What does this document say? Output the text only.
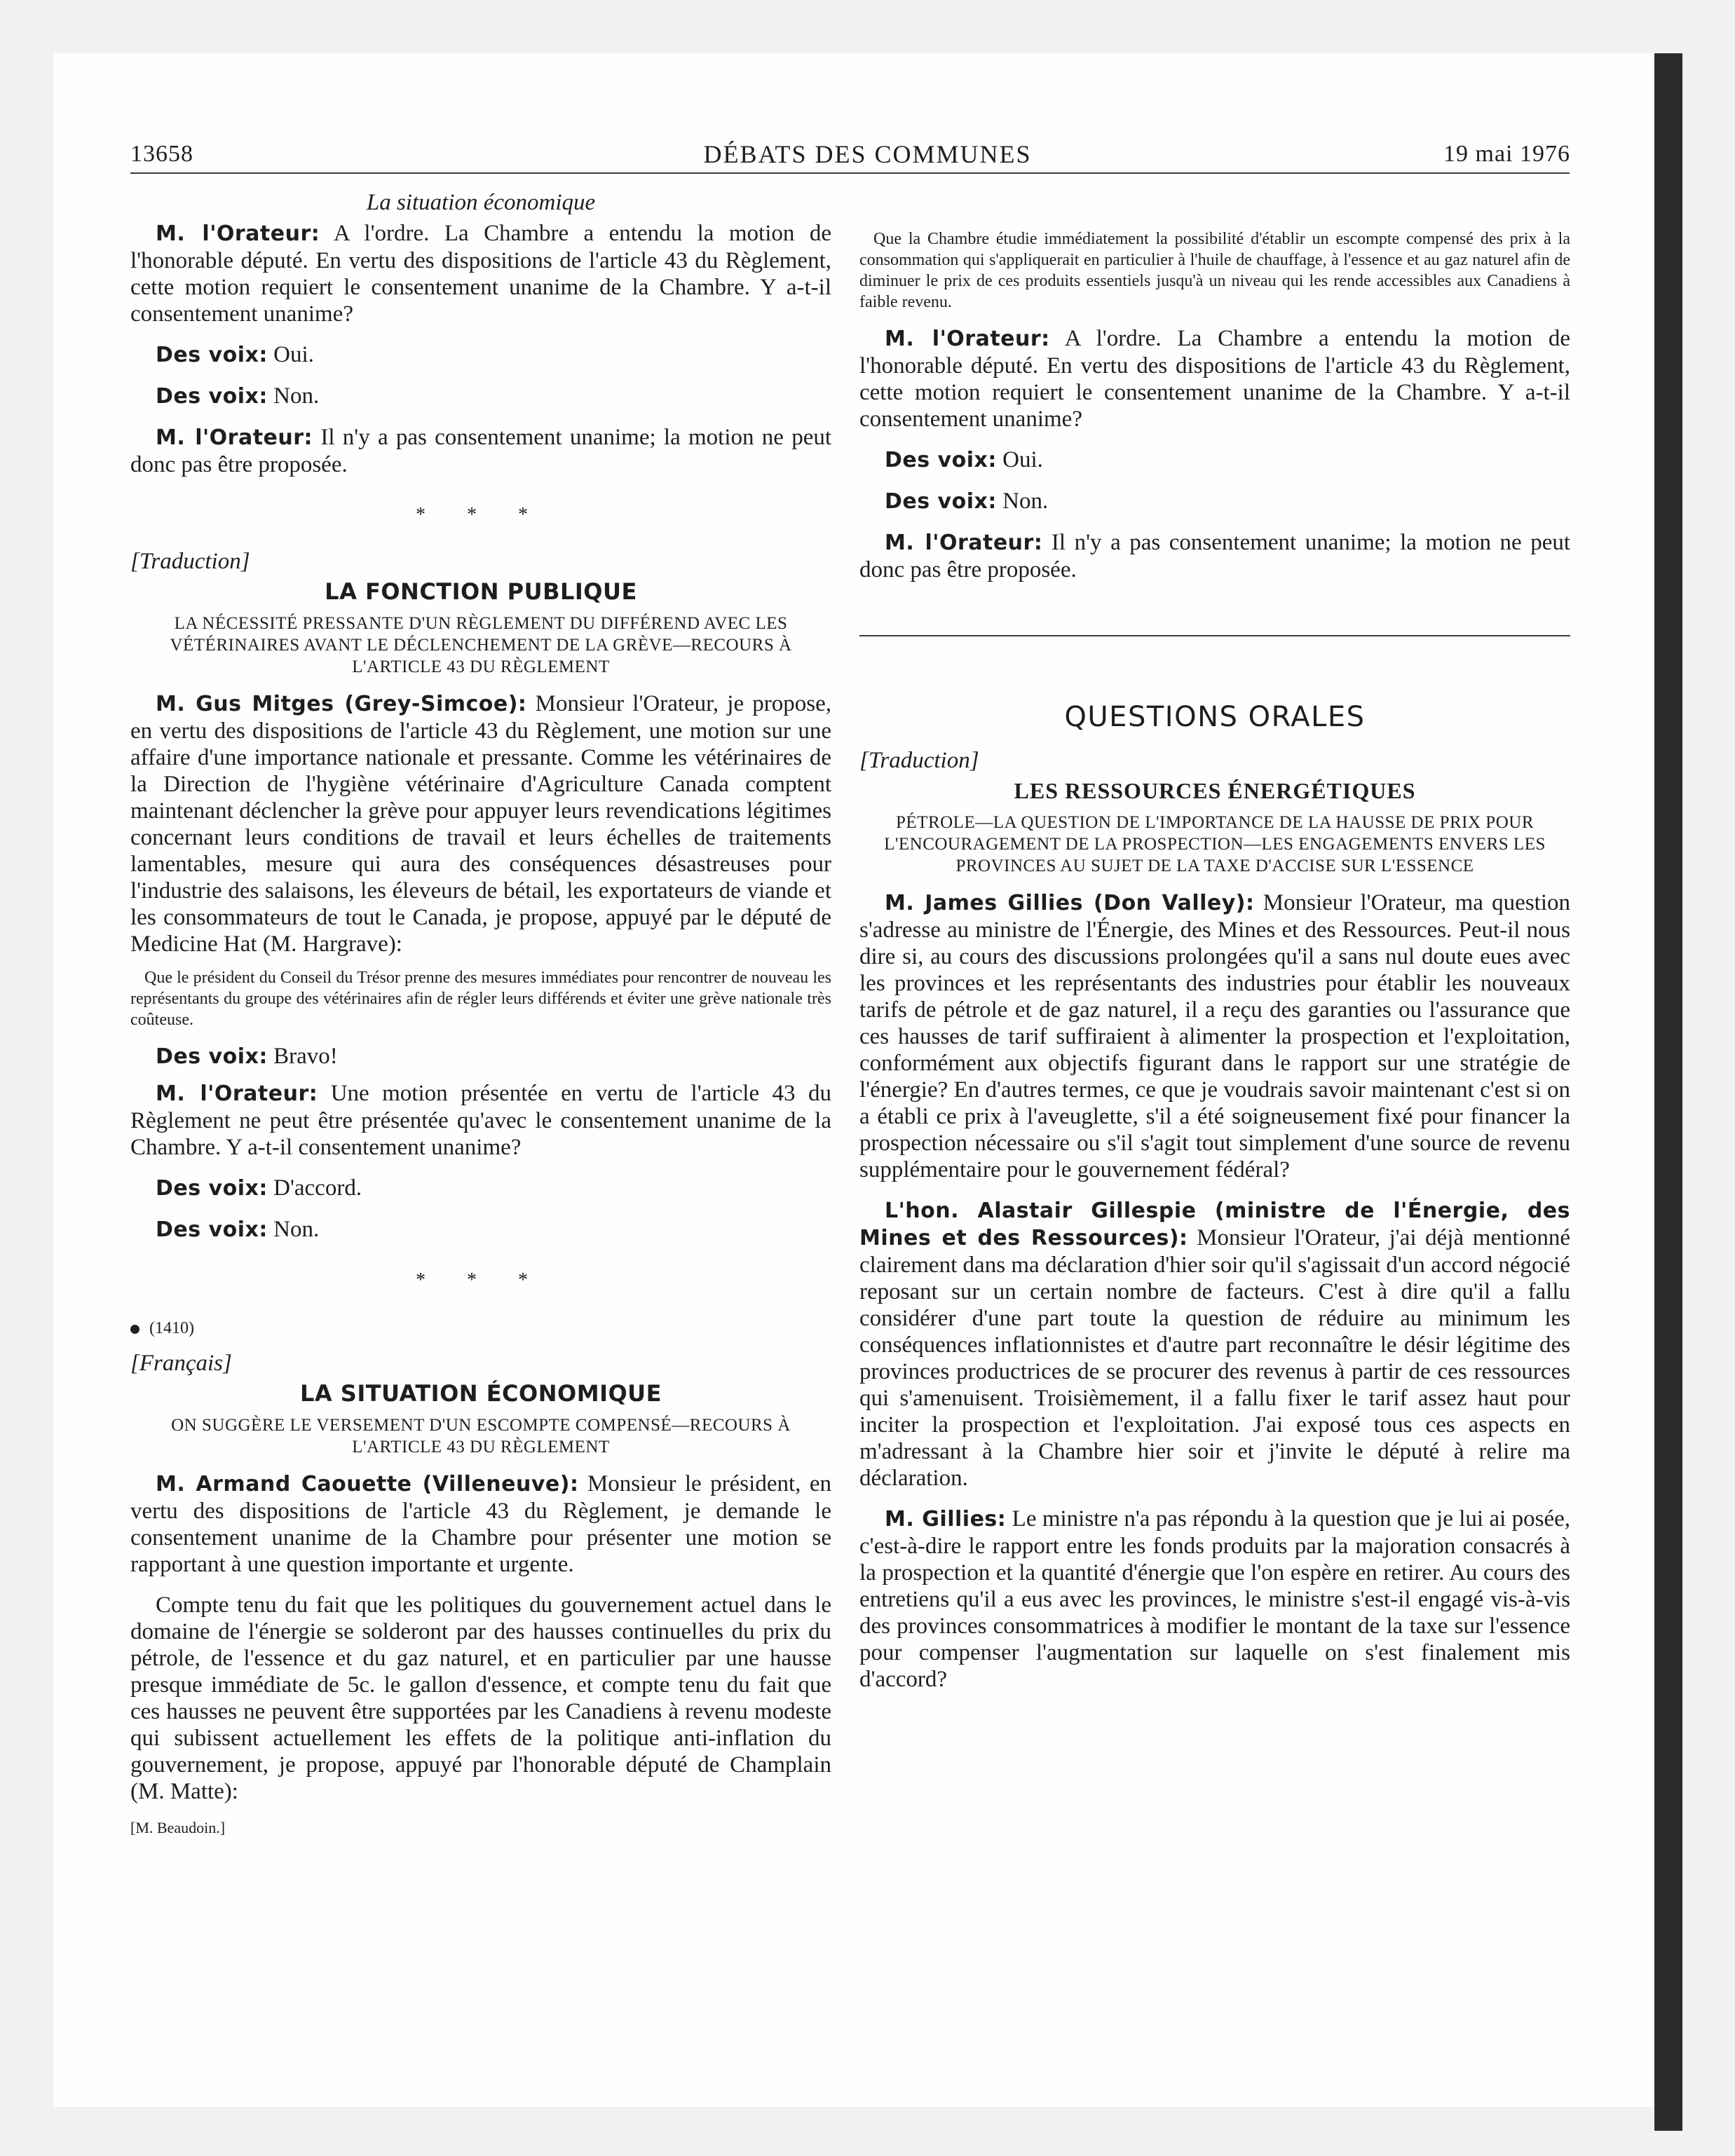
13658	DÉBATS DES COMMUNES	19 mai 1976

La situation économique

M. l'Orateur: A l'ordre. La Chambre a entendu la motion de l'honorable député. En vertu des dispositions de l'article 43 du Règlement, cette motion requiert le consentement unanime de la Chambre. Y a-t-il consentement unanime?

Des voix: Oui.

Des voix: Non.

M. l'Orateur: Il n'y a pas consentement unanime; la motion ne peut donc pas être proposée.

* * *

[Traduction]

LA FONCTION PUBLIQUE

LA NÉCESSITÉ PRESSANTE D'UN RÈGLEMENT DU DIFFÉREND AVEC LES VÉTÉRINAIRES AVANT LE DÉCLENCHEMENT DE LA GRÈVE—RECOURS À L'ARTICLE 43 DU RÈGLEMENT

M. Gus Mitges (Grey-Simcoe): Monsieur l'Orateur, je propose, en vertu des dispositions de l'article 43 du Règlement, une motion sur une affaire d'une importance nationale et pressante. Comme les vétérinaires de la Direction de l'hygiène vétérinaire d'Agriculture Canada comptent maintenant déclencher la grève pour appuyer leurs revendications légitimes concernant leurs conditions de travail et leurs échelles de traitements lamentables, mesure qui aura des conséquences désastreuses pour l'industrie des salaisons, les éleveurs de bétail, les exportateurs de viande et les consommateurs de tout le Canada, je propose, appuyé par le député de Medicine Hat (M. Hargrave):

Que le président du Conseil du Trésor prenne des mesures immédiates pour rencontrer de nouveau les représentants du groupe des vétérinaires afin de régler leurs différends et éviter une grève nationale très coûteuse.

Des voix: Bravo!

M. l'Orateur: Une motion présentée en vertu de l'article 43 du Règlement ne peut être présentée qu'avec le consentement unanime de la Chambre. Y a-t-il consentement unanime?

Des voix: D'accord.

Des voix: Non.

* * *

(1410)

[Français]

LA SITUATION ÉCONOMIQUE

ON SUGGÈRE LE VERSEMENT D'UN ESCOMPTE COMPENSÉ—RECOURS À L'ARTICLE 43 DU RÈGLEMENT

M. Armand Caouette (Villeneuve): Monsieur le président, en vertu des dispositions de l'article 43 du Règlement, je demande le consentement unanime de la Chambre pour présenter une motion se rapportant à une question importante et urgente.

Compte tenu du fait que les politiques du gouvernement actuel dans le domaine de l'énergie se solderont par des hausses continuelles du prix du pétrole, de l'essence et du gaz naturel, et en particulier par une hausse presque immédiate de 5c. le gallon d'essence, et compte tenu du fait que ces hausses ne peuvent être supportées par les Canadiens à revenu modeste qui subissent actuellement les effets de la politique anti-inflation du gouvernement, je propose, appuyé par l'honorable député de Champlain (M. Matte):

[M. Beaudoin.]

Que la Chambre étudie immédiatement la possibilité d'établir un escompte compensé des prix à la consommation qui s'appliquerait en particulier à l'huile de chauffage, à l'essence et au gaz naturel afin de diminuer le prix de ces produits essentiels jusqu'à un niveau qui les rende accessibles aux Canadiens à faible revenu.

M. l'Orateur: A l'ordre. La Chambre a entendu la motion de l'honorable député. En vertu des dispositions de l'article 43 du Règlement, cette motion requiert le consentement unanime de la Chambre. Y a-t-il consentement unanime?

Des voix: Oui.

Des voix: Non.

M. l'Orateur: Il n'y a pas consentement unanime; la motion ne peut donc pas être proposée.

QUESTIONS ORALES

[Traduction]

LES RESSOURCES ÉNERGÉTIQUES

PÉTROLE—LA QUESTION DE L'IMPORTANCE DE LA HAUSSE DE PRIX POUR L'ENCOURAGEMENT DE LA PROSPECTION—LES ENGAGEMENTS ENVERS LES PROVINCES AU SUJET DE LA TAXE D'ACCISE SUR L'ESSENCE

M. James Gillies (Don Valley): Monsieur l'Orateur, ma question s'adresse au ministre de l'Énergie, des Mines et des Ressources. Peut-il nous dire si, au cours des discussions prolongées qu'il a sans nul doute eues avec les provinces et les représentants des industries pour établir les nouveaux tarifs de pétrole et de gaz naturel, il a reçu des garanties ou l'assurance que ces hausses de tarif suffiraient à alimenter la prospection et l'exploitation, conformément aux objectifs figurant dans le rapport sur une stratégie de l'énergie? En d'autres termes, ce que je voudrais savoir maintenant c'est si on a établi ce prix à l'aveuglette, s'il a été soigneusement fixé pour financer la prospection nécessaire ou s'il s'agit tout simplement d'une source de revenu supplémentaire pour le gouvernement fédéral?

L'hon. Alastair Gillespie (ministre de l'Énergie, des Mines et des Ressources): Monsieur l'Orateur, j'ai déjà mentionné clairement dans ma déclaration d'hier soir qu'il s'agissait d'un accord négocié reposant sur un certain nombre de facteurs. C'est à dire qu'il a fallu considérer d'une part toute la question de réduire au minimum les conséquences inflationnistes et d'autre part reconnaître le désir légitime des provinces productrices de se procurer des revenus à partir de ces ressources qui s'amenuisent. Troisièmement, il a fallu fixer le tarif assez haut pour inciter la prospection et l'exploitation. J'ai exposé tous ces aspects en m'adressant à la Chambre hier soir et j'invite le député à relire ma déclaration.

M. Gillies: Le ministre n'a pas répondu à la question que je lui ai posée, c'est-à-dire le rapport entre les fonds produits par la majoration consacrés à la prospection et la quantité d'énergie que l'on espère en retirer. Au cours des entretiens qu'il a eus avec les provinces, le ministre s'est-il engagé vis-à-vis des provinces consommatrices à modifier le montant de la taxe sur l'essence pour compenser l'augmentation sur laquelle on s'est finalement mis d'accord?
